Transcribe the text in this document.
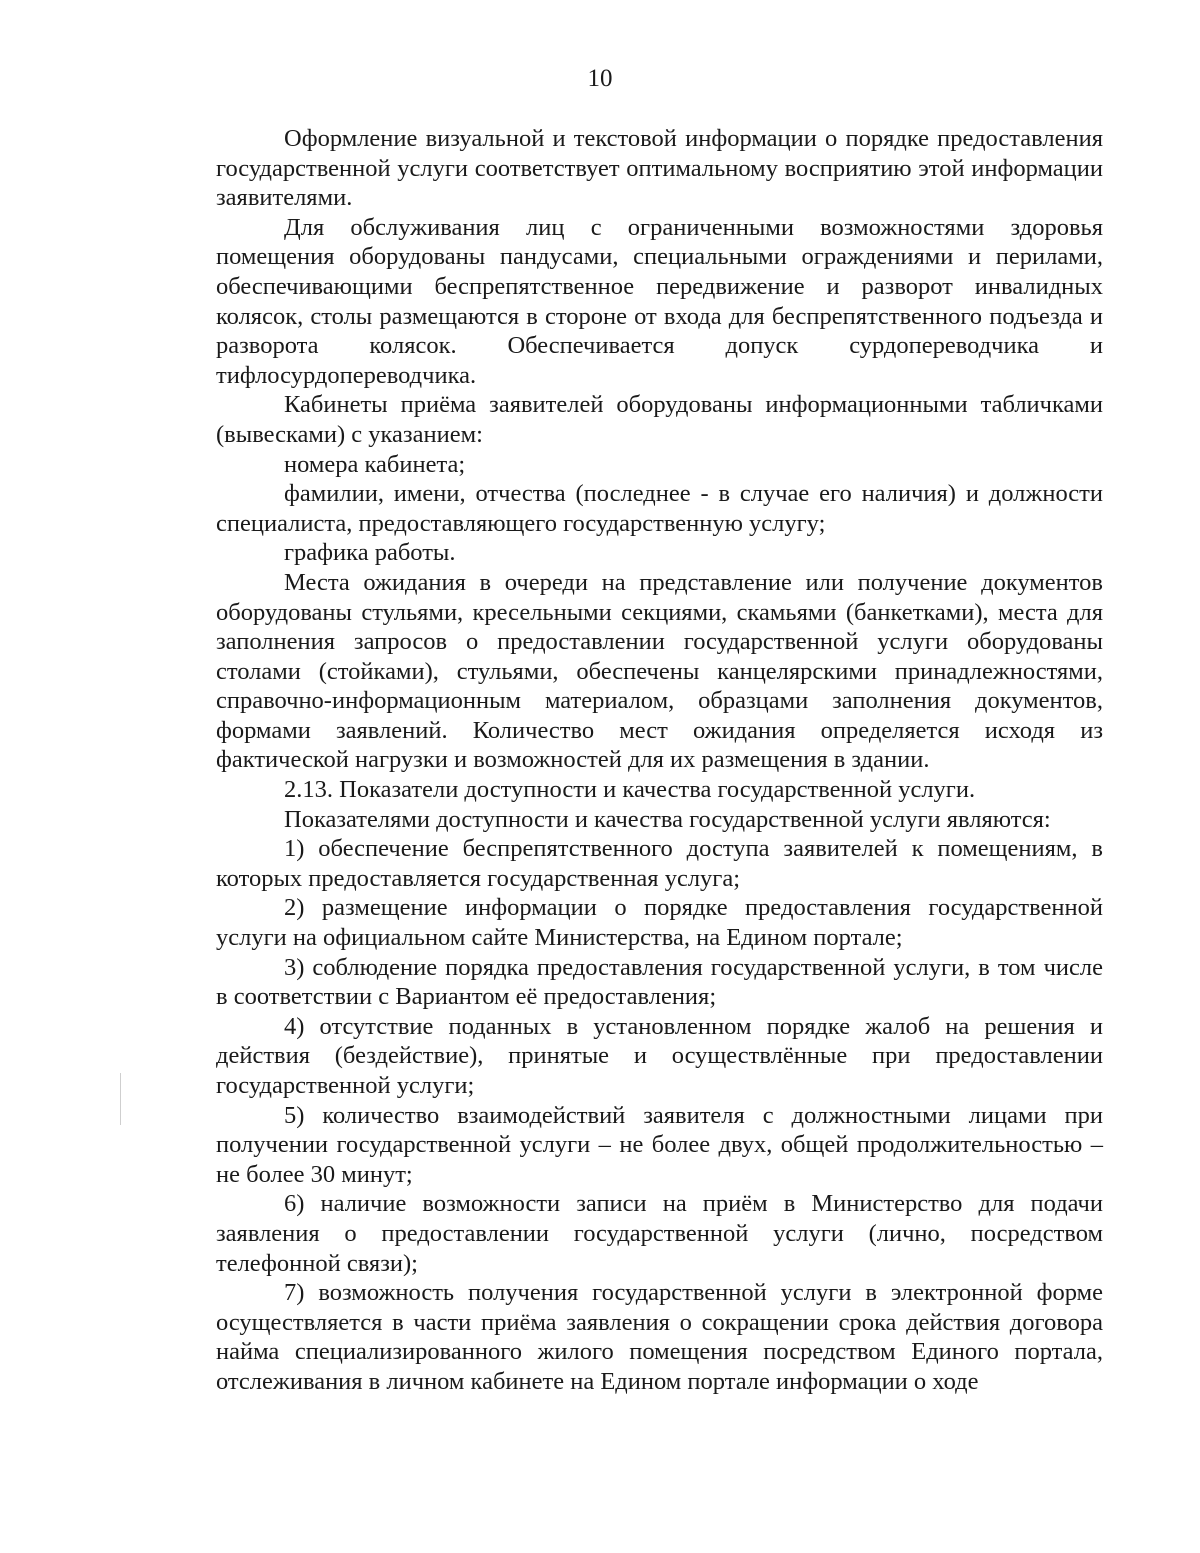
10

Оформление визуальной и текстовой информации о порядке предоставления государственной услуги соответствует оптимальному восприятию этой информации заявителями.

Для обслуживания лиц с ограниченными возможностями здоровья помещения оборудованы пандусами, специальными ограждениями и перилами, обеспечивающими беспрепятственное передвижение и разворот инвалидных колясок, столы размещаются в стороне от входа для беспрепятственного подъезда и разворота колясок. Обеспечивается допуск сурдопереводчика и тифлосурдопереводчика.

Кабинеты приёма заявителей оборудованы информационными табличками (вывесками) с указанием:

номера кабинета;

фамилии, имени, отчества (последнее - в случае его наличия) и должности специалиста, предоставляющего государственную услугу;

графика работы.

Места ожидания в очереди на представление или получение документов оборудованы стульями, кресельными секциями, скамьями (банкетками), места для заполнения запросов о предоставлении государственной услуги оборудованы столами (стойками), стульями, обеспечены канцелярскими принадлежностями, справочно-информационным материалом, образцами заполнения документов, формами заявлений. Количество мест ожидания определяется исходя из фактической нагрузки и возможностей для их размещения в здании.

2.13. Показатели доступности и качества государственной услуги.

Показателями доступности и качества государственной услуги являются:

1) обеспечение беспрепятственного доступа заявителей к помещениям, в которых предоставляется государственная услуга;

2) размещение информации о порядке предоставления государственной услуги на официальном сайте Министерства, на Едином портале;

3) соблюдение порядка предоставления государственной услуги, в том числе в соответствии с Вариантом её предоставления;

4) отсутствие поданных в установленном порядке жалоб на решения и действия (бездействие), принятые и осуществлённые при предоставлении государственной услуги;

5) количество взаимодействий заявителя с должностными лицами при получении государственной услуги – не более двух, общей продолжительностью – не более 30 минут;

6) наличие возможности записи на приём в Министерство для подачи заявления о предоставлении государственной услуги (лично, посредством телефонной связи);

7) возможность получения государственной услуги в электронной форме осуществляется в части приёма заявления о сокращении срока действия договора найма специализированного жилого помещения посредством Единого портала, отслеживания в личном кабинете на Едином портале информации о ходе
